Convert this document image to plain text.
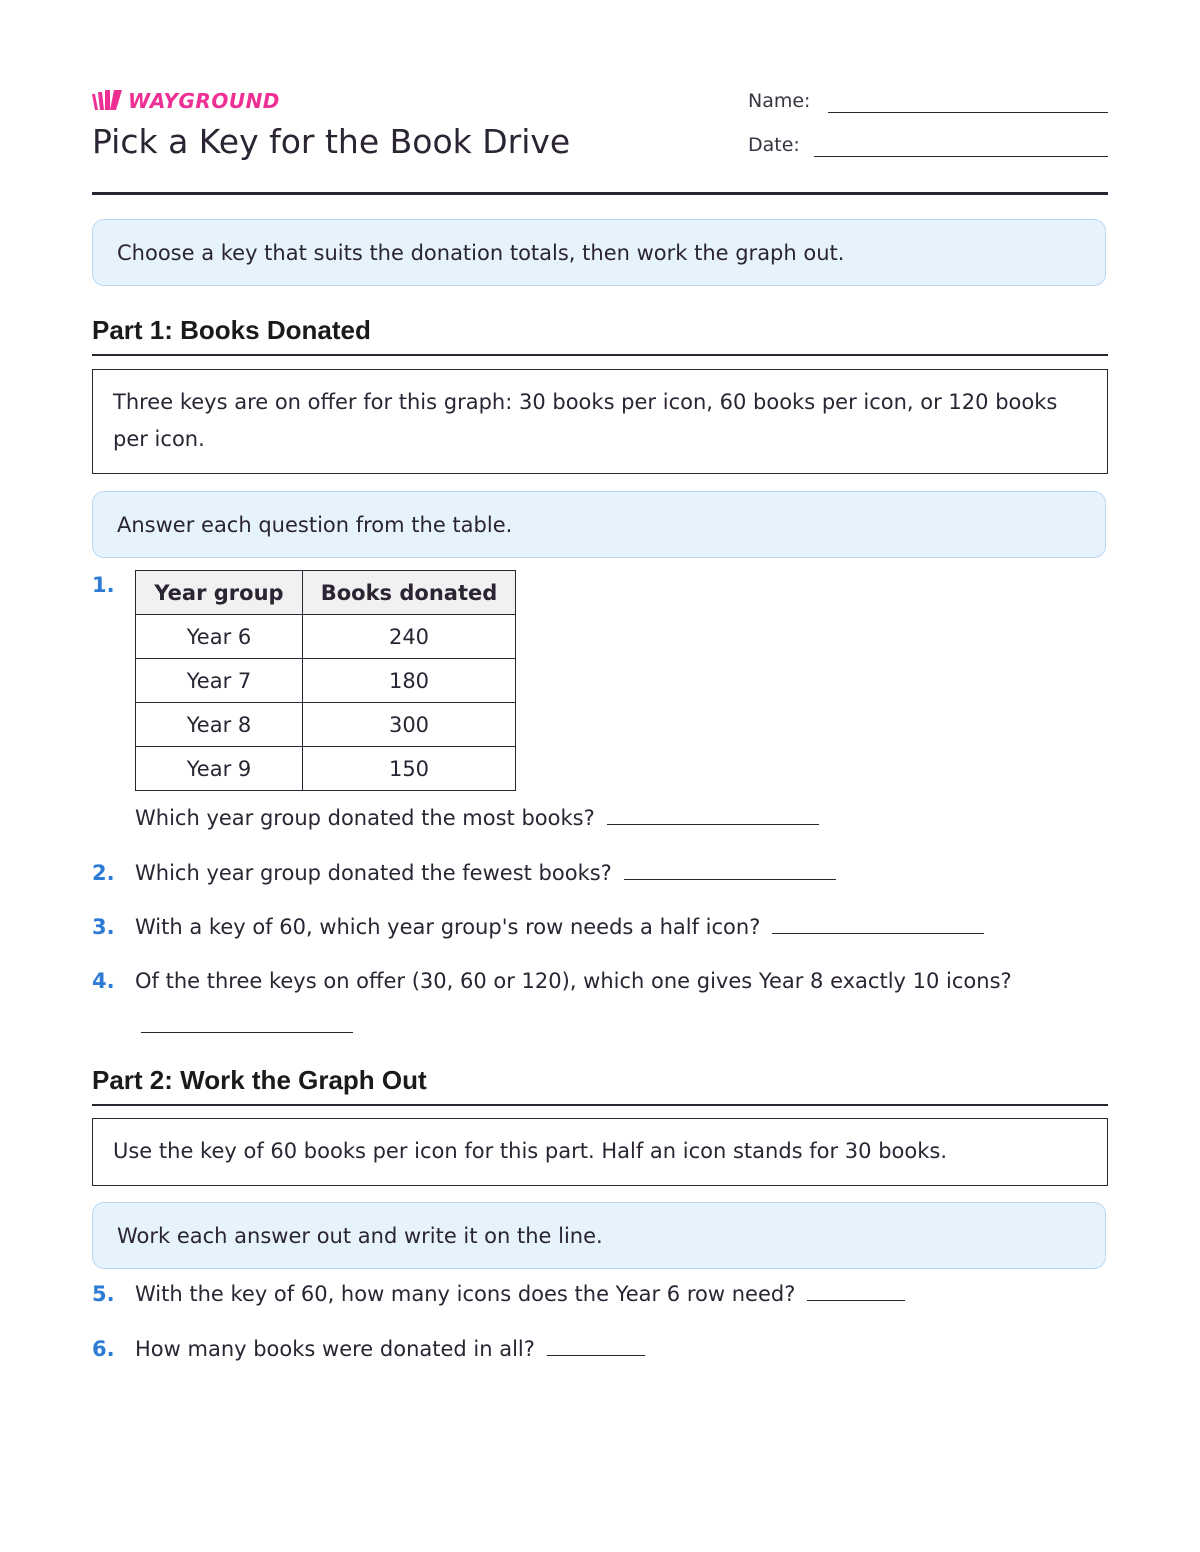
WAYGROUND
Pick a Key for the Book Drive
Name:
Date:
Choose a key that suits the donation totals, then work the graph out.
Part 1: Books Donated
Three keys are on offer for this graph: 30 books per icon, 60 books per icon, or 120 books per icon.
Answer each question from the table.
1. Year group	Books donated
Year 6	240
Year 7	180
Year 8	300
Year 9	150
Which year group donated the most books?
2. Which year group donated the fewest books?
3. With a key of 60, which year group's row needs a half icon?
4. Of the three keys on offer (30, 60 or 120), which one gives Year 8 exactly 10 icons?
Part 2: Work the Graph Out
Use the key of 60 books per icon for this part. Half an icon stands for 30 books.
Work each answer out and write it on the line.
5. With the key of 60, how many icons does the Year 6 row need?
6. How many books were donated in all?
